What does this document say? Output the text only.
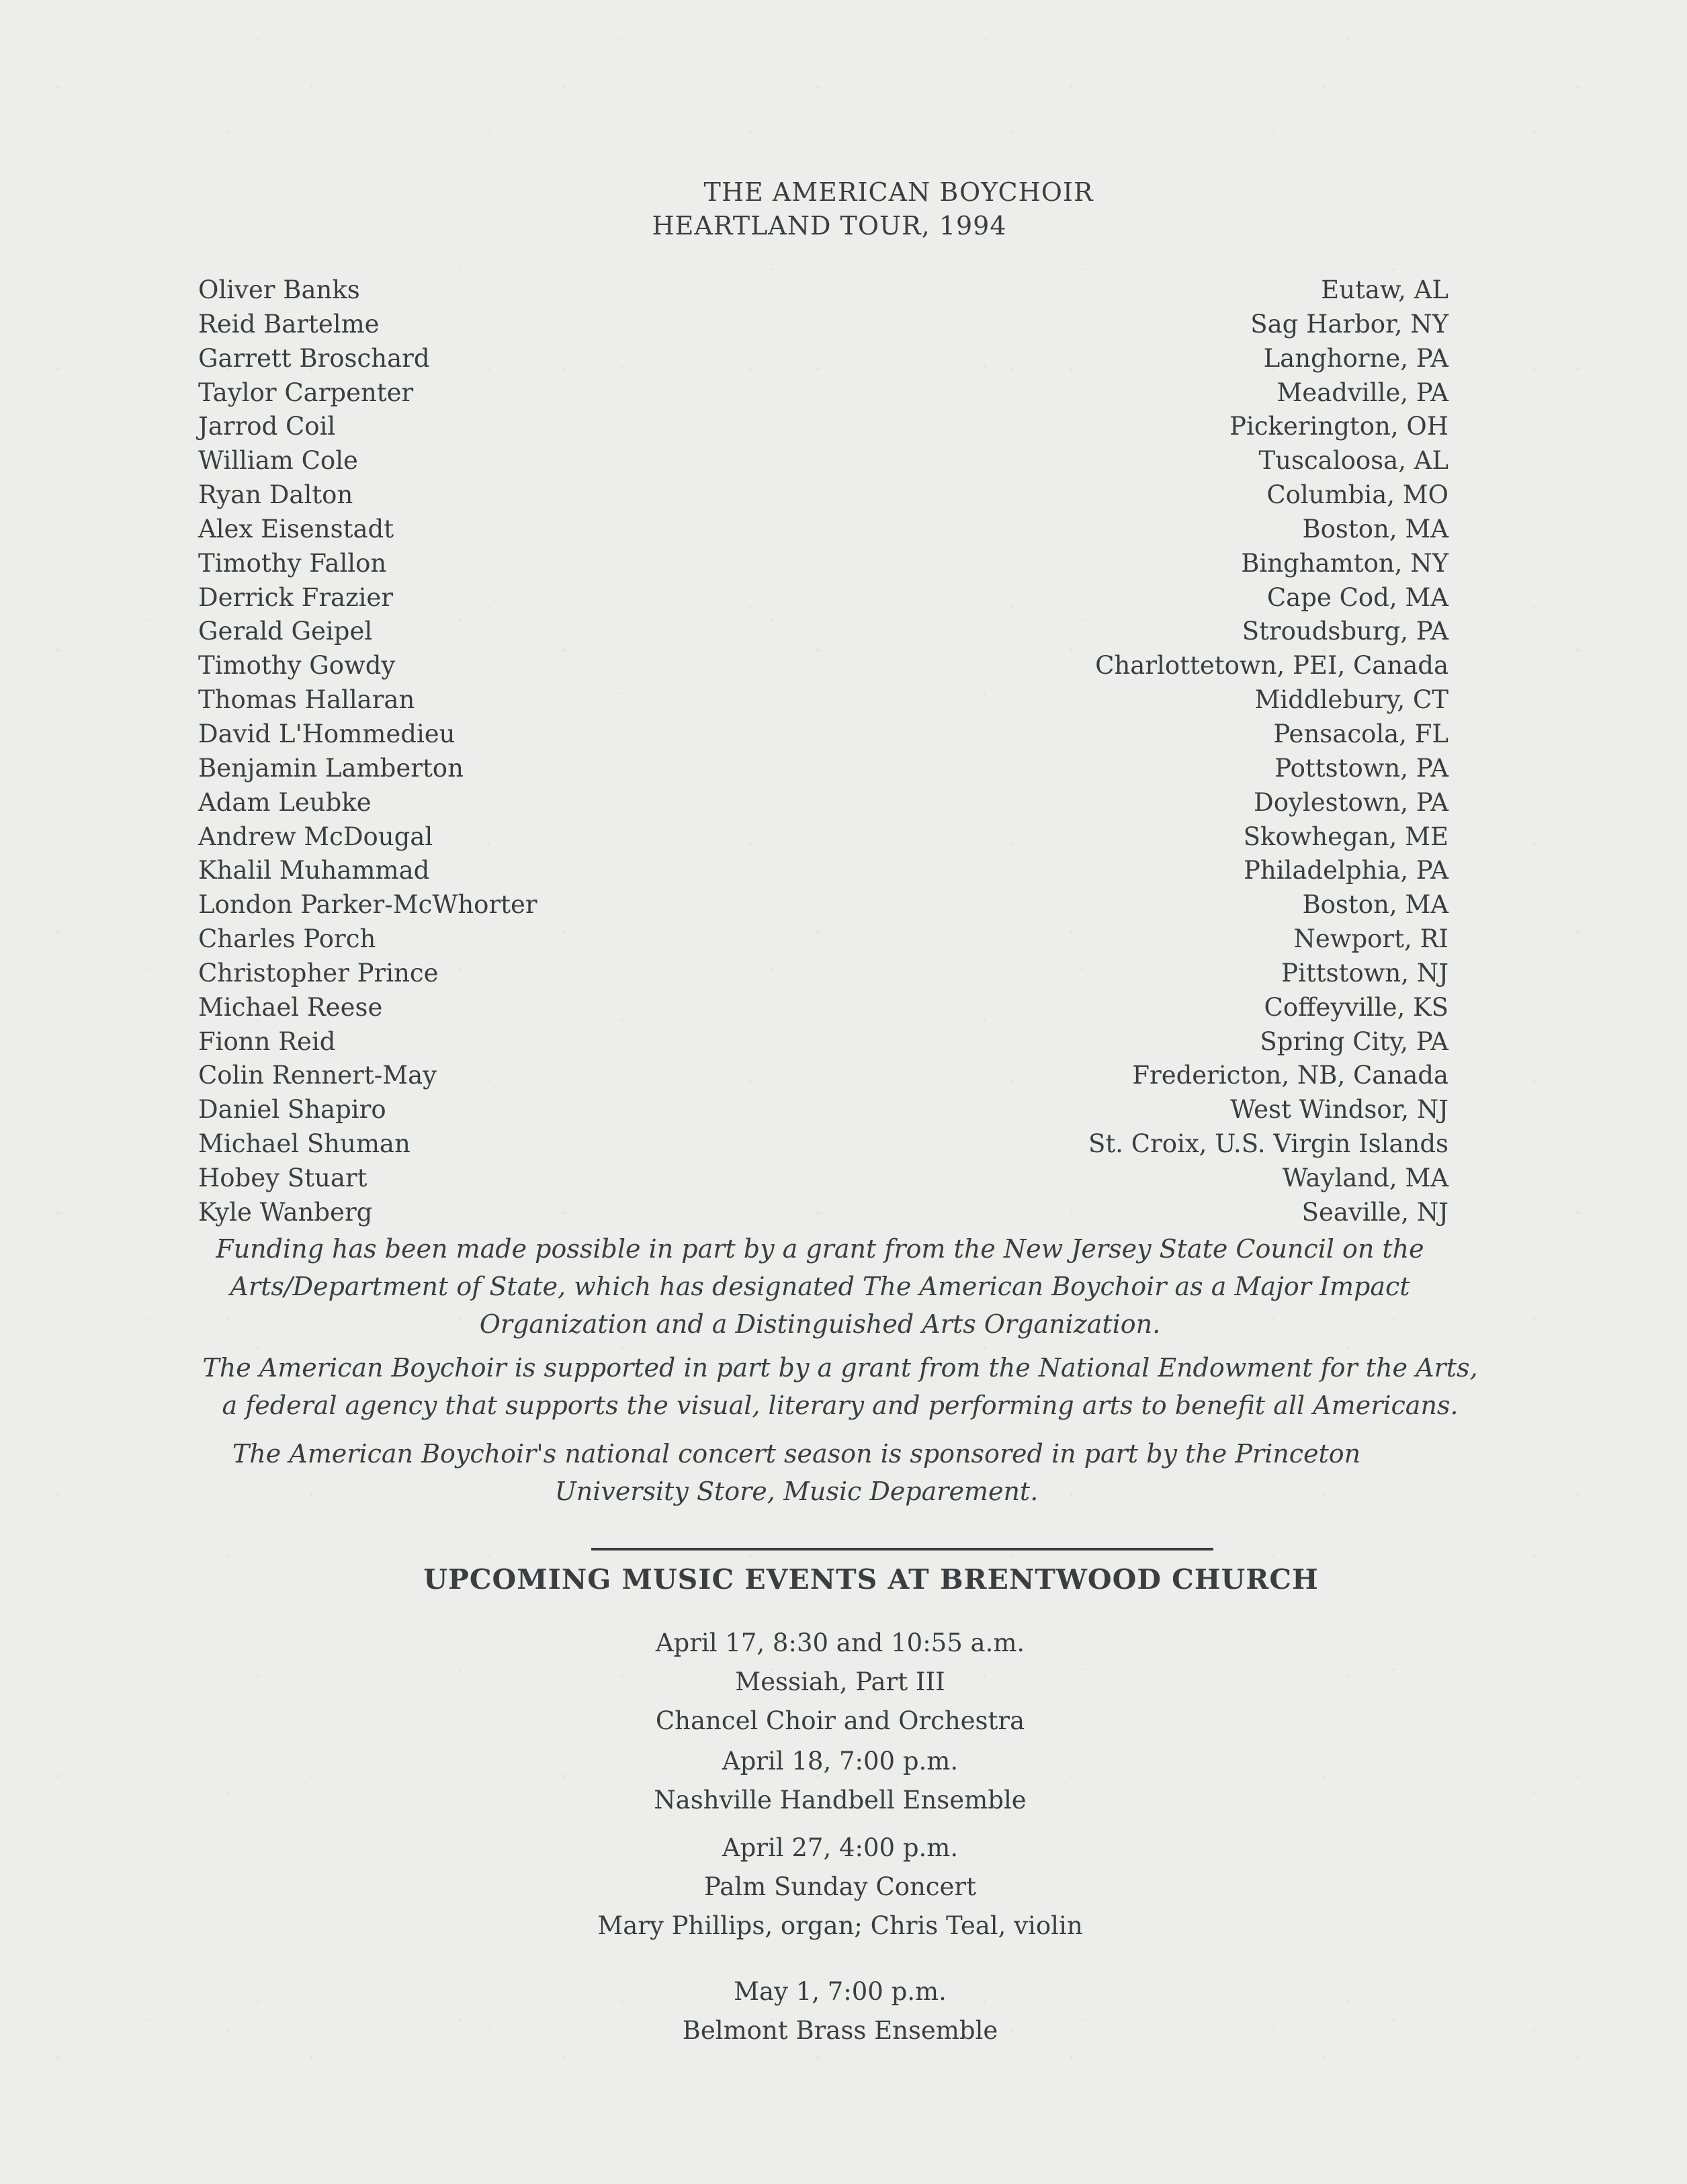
THE AMERICAN BOYCHOIR
HEARTLAND TOUR, 1994
Oliver Banks	Eutaw, AL
Reid Bartelme	Sag Harbor, NY
Garrett Broschard	Langhorne, PA
Taylor Carpenter	Meadville, PA
Jarrod Coil	Pickerington, OH
William Cole	Tuscaloosa, AL
Ryan Dalton	Columbia, MO
Alex Eisenstadt	Boston, MA
Timothy Fallon	Binghamton, NY
Derrick Frazier	Cape Cod, MA
Gerald Geipel	Stroudsburg, PA
Timothy Gowdy	Charlottetown, PEI, Canada
Thomas Hallaran	Middlebury, CT
David L'Hommedieu	Pensacola, FL
Benjamin Lamberton	Pottstown, PA
Adam Leubke	Doylestown, PA
Andrew McDougal	Skowhegan, ME
Khalil Muhammad	Philadelphia, PA
London Parker-McWhorter	Boston, MA
Charles Porch	Newport, RI
Christopher Prince	Pittstown, NJ
Michael Reese	Coffeyville, KS
Fionn Reid	Spring City, PA
Colin Rennert-May	Fredericton, NB, Canada
Daniel Shapiro	West Windsor, NJ
Michael Shuman	St. Croix, U.S. Virgin Islands
Hobey Stuart	Wayland, MA
Kyle Wanberg	Seaville, NJ

Funding has been made possible in part by a grant from the New Jersey State Council on the
Arts/Department of State, which has designated The American Boychoir as a Major Impact
Organization and a Distinguished Arts Organization.

The American Boychoir is supported in part by a grant from the National Endowment for the Arts,
a federal agency that supports the visual, literary and performing arts to benefit all Americans.

The American Boychoir's national concert season is sponsored in part by the Princeton
University Store, Music Deparement.

UPCOMING MUSIC EVENTS AT BRENTWOOD CHURCH
April 17, 8:30 and 10:55 a.m.
Messiah, Part III
Chancel Choir and Orchestra
April 18, 7:00 p.m.
Nashville Handbell Ensemble
April 27, 4:00 p.m.
Palm Sunday Concert
Mary Phillips, organ; Chris Teal, violin
May 1, 7:00 p.m.
Belmont Brass Ensemble
